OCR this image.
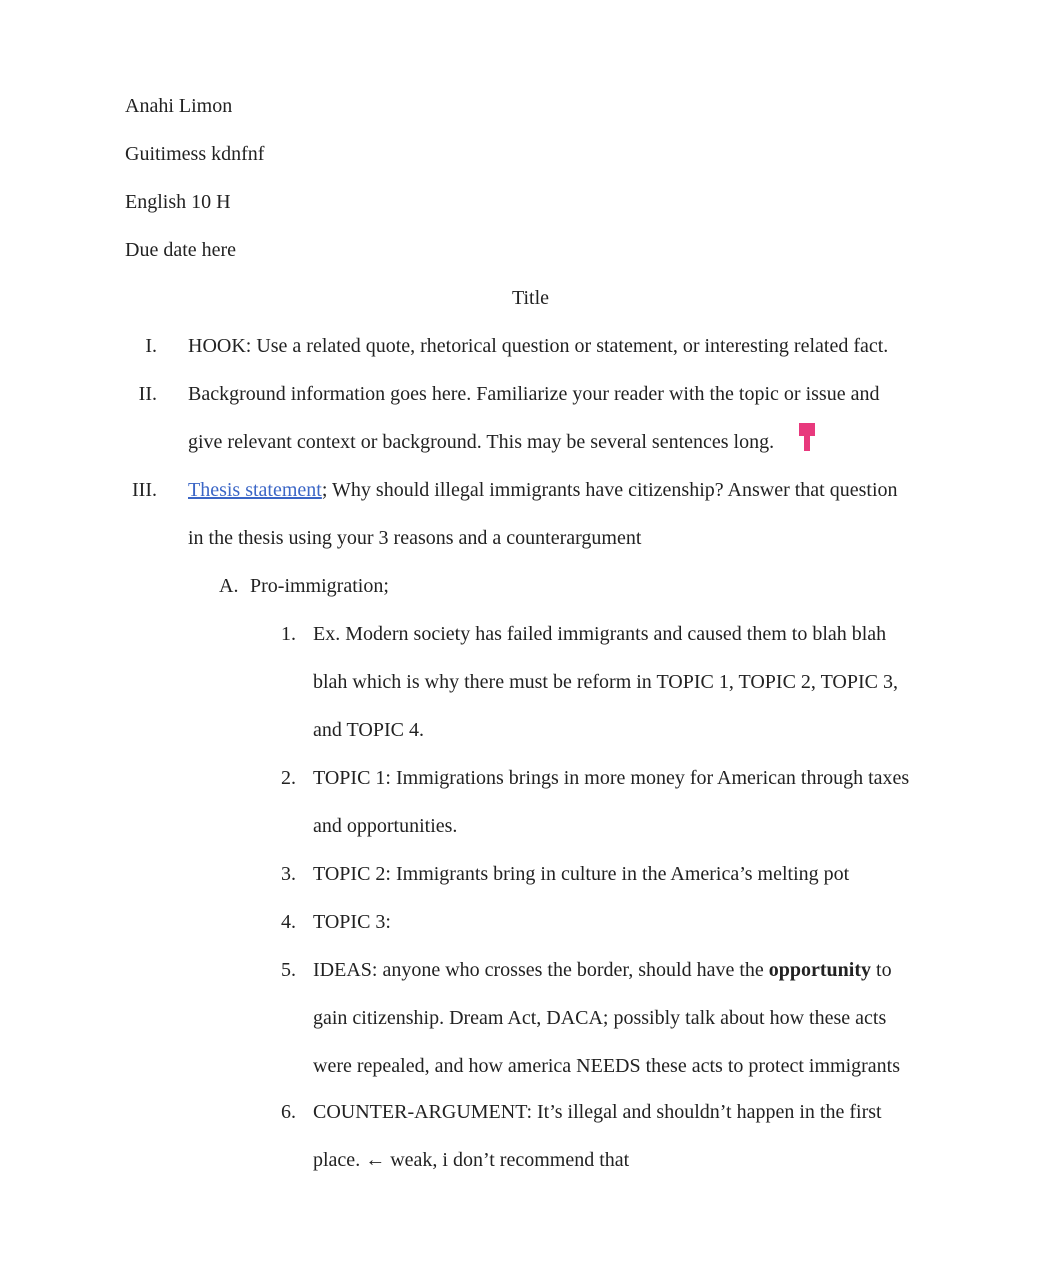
Anahi Limon
Guitimess kdnfnf
English 10 H
Due date here
Title
I. HOOK: Use a related quote, rhetorical question or statement, or interesting related fact.
II. Background information goes here. Familiarize your reader with the topic or issue and
give relevant context or background. This may be several sentences long.
III. Thesis statement; Why should illegal immigrants have citizenship? Answer that question
in the thesis using your 3 reasons and a counterargument
A. Pro-immigration;
1. Ex. Modern society has failed immigrants and caused them to blah blah
blah which is why there must be reform in TOPIC 1, TOPIC 2, TOPIC 3,
and TOPIC 4.
2. TOPIC 1: Immigrations brings in more money for American through taxes
and opportunities.
3. TOPIC 2: Immigrants bring in culture in the America’s melting pot
4. TOPIC 3:
5. IDEAS: anyone who crosses the border, should have the opportunity to
gain citizenship. Dream Act, DACA; possibly talk about how these acts
were repealed, and how america NEEDS these acts to protect immigrants
6. COUNTER-ARGUMENT: It’s illegal and shouldn’t happen in the first
place. ← weak, i don’t recommend that
